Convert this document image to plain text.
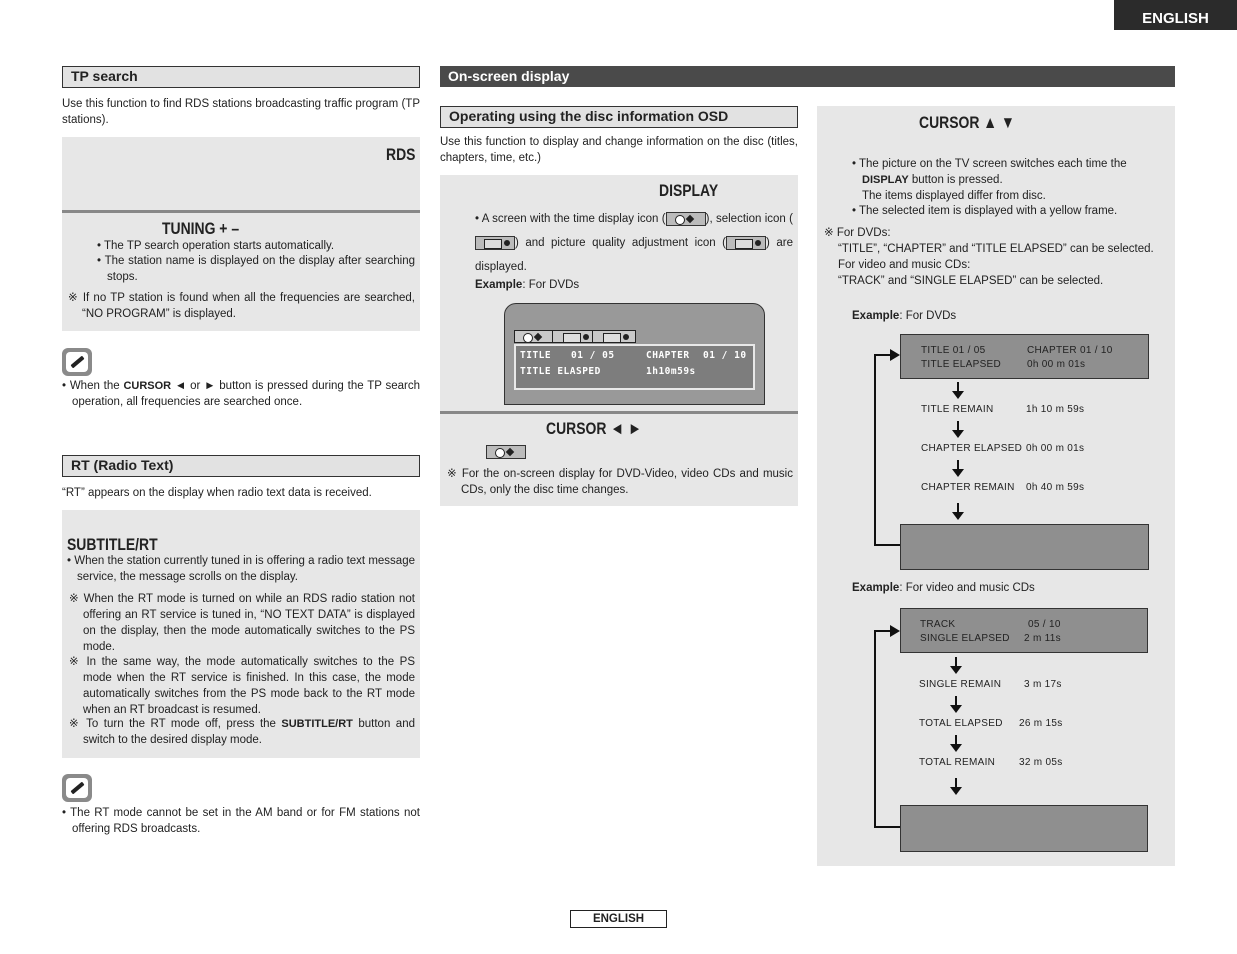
ENGLISH
TP search
Use this function to find RDS stations broadcasting traffic program (TP stations).
RDS
TUNING + –
• The TP search operation starts automatically.
• The station name is displayed on the display after searching stops.
※ If no TP station is found when all the frequencies are searched, “NO PROGRAM” is displayed.
• When the CURSOR ◄ or ► button is pressed during the TP search operation, all frequencies are searched once.
RT (Radio Text)
“RT” appears on the display when radio text data is received.
SUBTITLE/RT
• When the station currently tuned in is offering a radio text message service, the message scrolls on the display.
※ When the RT mode is turned on while an RDS radio station not offering an RT service is tuned in, “NO TEXT DATA” is displayed on the display, then the mode automatically switches to the PS mode.
※ In the same way, the mode automatically switches to the PS mode when the RT service is finished. In this case, the mode automatically switches from the PS mode back to the RT mode when an RT broadcast is resumed.
※ To turn the RT mode off, press the SUBTITLE/RT button and switch to the desired display mode.
• The RT mode cannot be set in the AM band or for FM stations not offering RDS broadcasts.
On-screen display
Operating using the disc information OSD
Use this function to display and change information on the disc (titles, chapters, time, etc.)
DISPLAY
• A screen with the time display icon (	), selection icon () and picture quality adjustment icon (	) are displayed.
Example: For DVDs
TITLE 01 / 05	CHAPTER 01 / 10
TITLE ELASPED	1h10m59s
CURSOR ◄ ►
※ For the on-screen display for DVD-Video, video CDs and music CDs, only the disc time changes.
CURSOR ▲ ▼
• The picture on the TV screen switches each time the
DISPLAY button is pressed.
The items displayed differ from disc.
• The selected item is displayed with a yellow frame.
※ For DVDs:
“TITLE”, “CHAPTER” and “TITLE ELAPSED” can be selected.
For video and music CDs:
“TRACK” and “SINGLE ELAPSED” can be selected.
Example: For DVDs
TITLE 01 / 05	CHAPTER 01 / 10
TITLE ELAPSED	0h 00 m 01s
TITLE REMAIN	1h 10 m 59s
CHAPTER ELAPSED 0h 00 m 01s
CHAPTER REMAIN 0h 40 m 59s
Example: For video and music CDs
TRACK	05 / 10
SINGLE ELAPSED 2 m 11s
SINGLE REMAIN 3 m 17s
TOTAL ELAPSED 26 m 15s
TOTAL REMAIN 32 m 05s
ENGLISH
